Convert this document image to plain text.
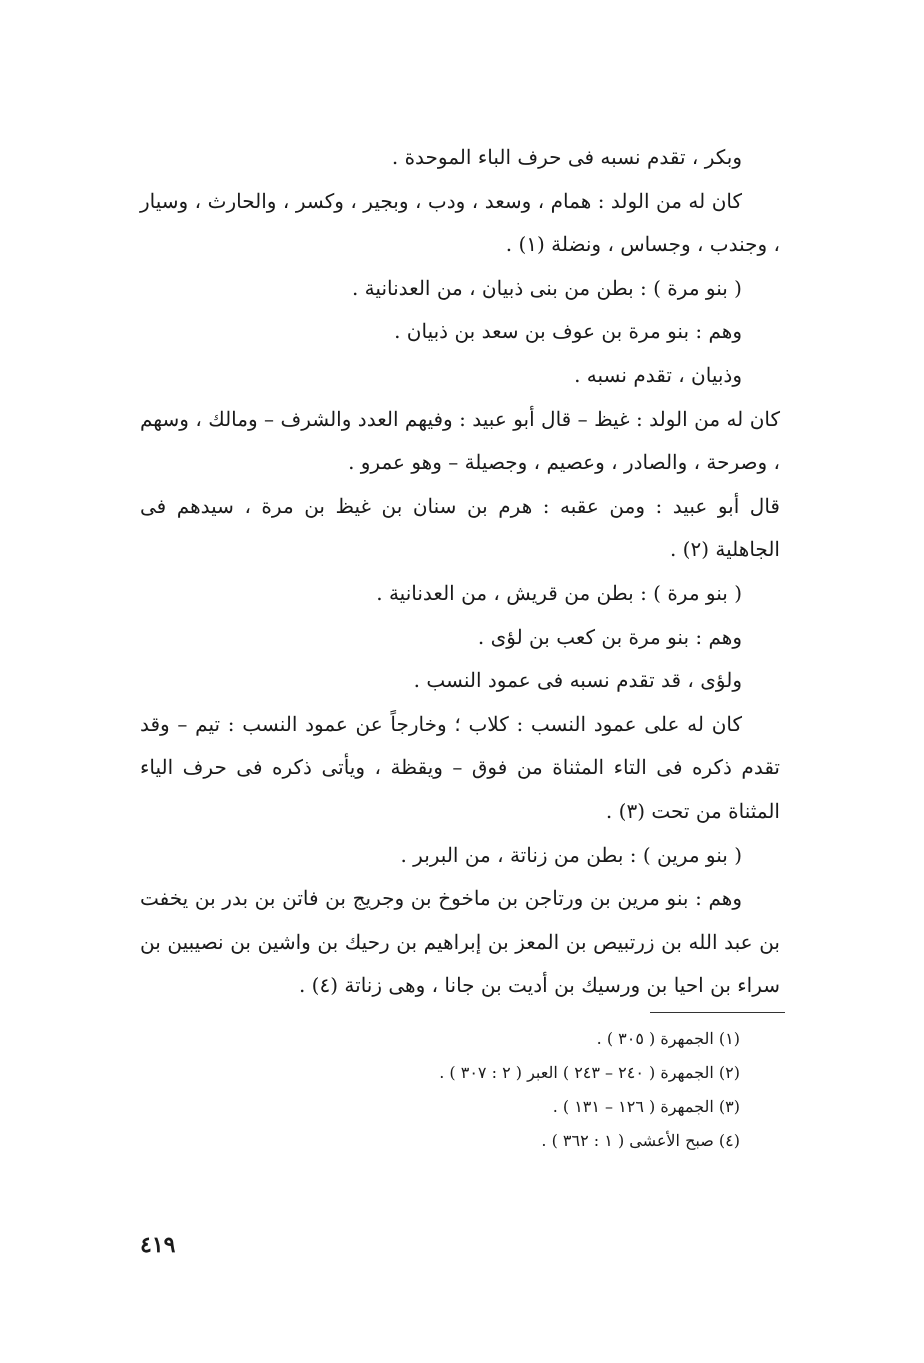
وبكر ، تقدم نسبه فى حرف الباء الموحدة .

كان له من الولد : همام ، وسعد ، ودب ، وبجير ، وكسر ، والحارث ، وسيار ، وجندب ، وجساس ، ونضلة (١) .

( بنو مرة ) : بطن من بنى ذبيان ، من العدنانية .

وهم : بنو مرة بن عوف بن سعد بن ذبيان .

وذبيان ، تقدم نسبه .

كان له من الولد : غيظ – قال أبو عبيد : وفيهم العدد والشرف – ومالك ، وسهم ، وصرحة ، والصادر ، وعصيم ، وجصيلة – وهو عمرو .

قال أبو عبيد : ومن عقبه : هرم بن سنان بن غيظ بن مرة ، سيدهم فى الجاهلية (٢) .

( بنو مرة ) : بطن من قريش ، من العدنانية .

وهم : بنو مرة بن كعب بن لؤى .

ولؤى ، قد تقدم نسبه فى عمود النسب .

كان له على عمود النسب : كلاب ؛ وخارجاً عن عمود النسب : تيم – وقد تقدم ذكره فى التاء المثناة من فوق – ويقظة ، ويأتى ذكره فى حرف الياء المثناة من تحت (٣) .

( بنو مرين ) : بطن من زناتة ، من البربر .

وهم : بنو مرين بن ورتاجن بن ماخوخ بن وجريج بن فاتن بن بدر بن يخفت بن عبد الله بن زرتبيص بن المعز بن إبراهيم بن رحيك بن واشين بن نصيبين بن سراء بن احيا بن ورسيك بن أديت بن جانا ، وهى زناتة (٤) .

(١) الجمهرة ( ٣٠٥ ) .

(٢) الجمهرة ( ٢٤٠ – ٢٤٣ ) العبر ( ٢ : ٣٠٧ ) .

(٣) الجمهرة ( ١٢٦ – ١٣١ ) .

(٤) صبح الأعشى ( ١ : ٣٦٢ ) .

٤١٩
